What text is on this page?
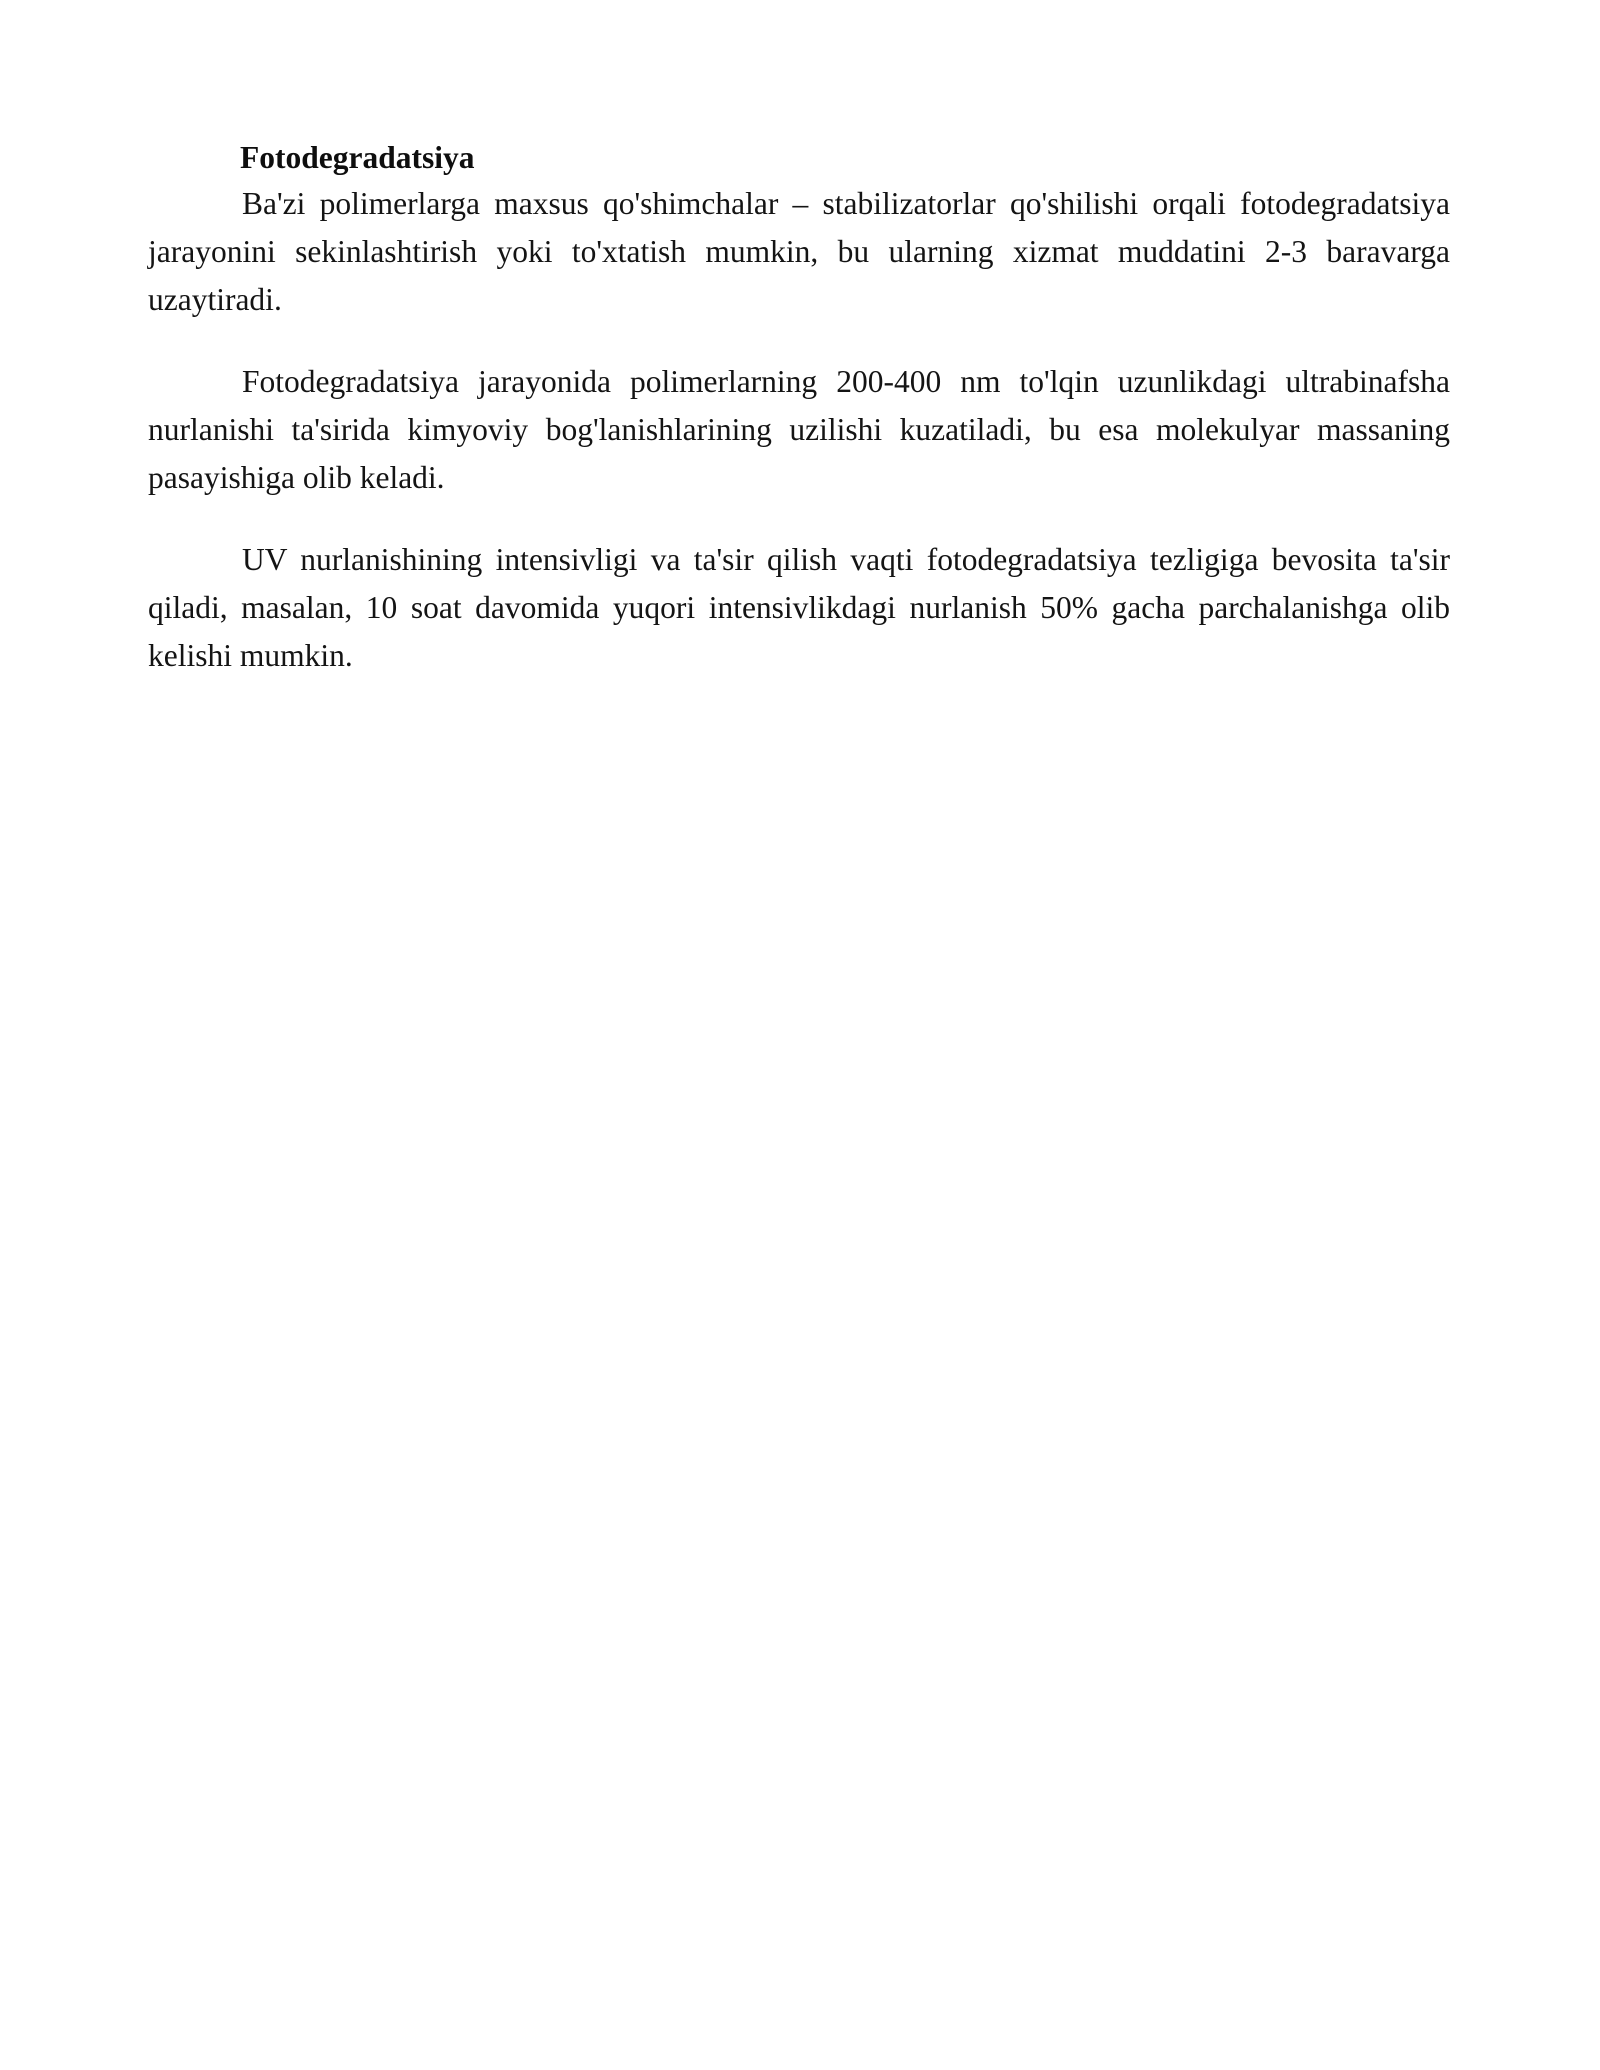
Fotodegradatsiya

Ba'zi polimerlarga maxsus qo'shimchalar – stabilizatorlar qo'shilishi orqali fotodegradatsiya jarayonini sekinlashtirish yoki to'xtatish mumkin, bu ularning xizmat muddatini 2-3 baravarga uzaytiradi.

Fotodegradatsiya jarayonida polimerlarning 200-400 nm to'lqin uzunlikdagi ultrabinafsha nurlanishi ta'sirida kimyoviy bog'lanishlarining uzilishi kuzatiladi, bu esa molekulyar massaning pasayishiga olib keladi.

UV nurlanishining intensivligi va ta'sir qilish vaqti fotodegradatsiya tezligiga bevosita ta'sir qiladi, masalan, 10 soat davomida yuqori intensivlikdagi nurlanish 50% gacha parchalanishga olib kelishi mumkin.
